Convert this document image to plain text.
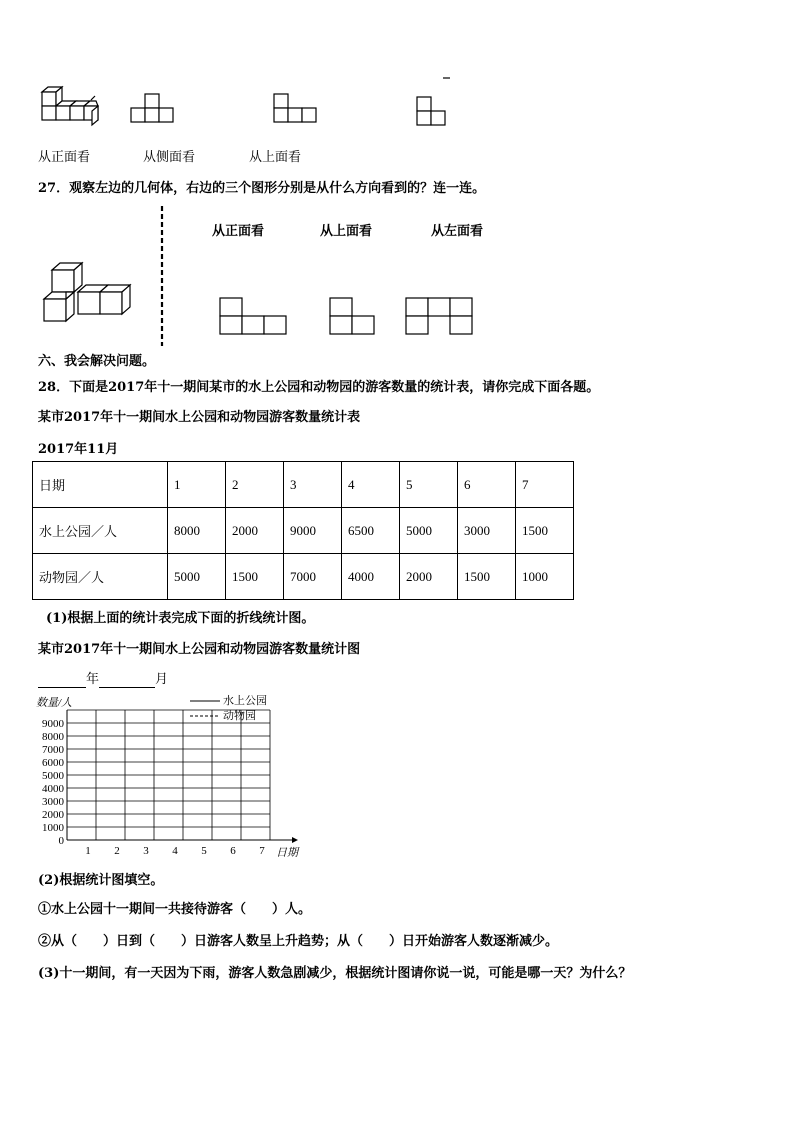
从正面看	从侧面看	从上面看
27．观察左边的几何体，右边的三个图形分别是从什么方向看到的？连一连。
从正面看	从上面看	从左面看
六、我会解决问题。
28．下面是2017年十一期间某市的水上公园和动物园的游客数量的统计表，请你完成下面各题。
某市2017年十一期间水上公园和动物园游客数量统计表
2017年11月
日期	1	2	3	4	5	6	7
水上公园／人	8000	2000	9000	6500	5000	3000	1500
动物园／人	5000	1500	7000	4000	2000	1500	1000
(1)根据上面的统计表完成下面的折线统计图。
某市2017年十一期间水上公园和动物园游客数量统计图
年	月
0
1000
2000
3000
4000
5000
6000
7000
8000
9000
1 2 3 4 5 6 7
数量/人
日期
水上公园
动物园
(2)根据统计图填空。
①水上公园十一期间一共接待游客（　　）人。
②从（　　）日到（　　）日游客人数呈上升趋势；从（　　）日开始游客人数逐渐减少。
(3)十一期间，有一天因为下雨，游客人数急剧减少，根据统计图请你说一说，可能是哪一天？为什么？
